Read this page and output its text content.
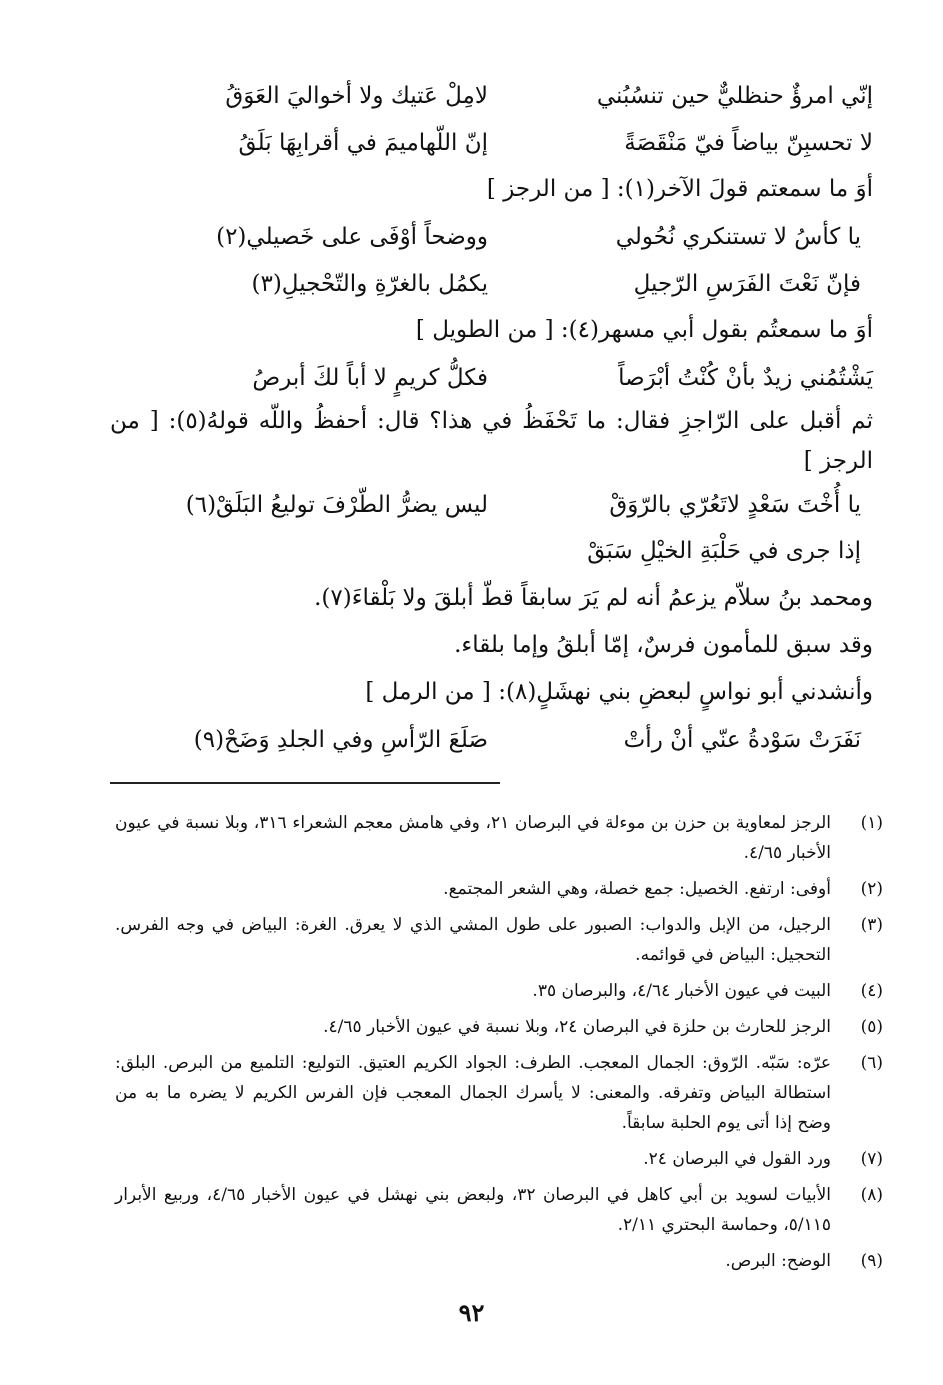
إنّي امرؤٌ حنظليٌّ حين تنسُبُني
لامِلْ عَتيك ولا أخواليَ العَوَقُ
لا تحسبِنّ بياضاً فيّ مَنْقَصَةً
إنّ اللّهاميمَ في أقرابِهَا بَلَقُ
أوَ ما سمعتم قولَ الآخر(١): [ من الرجز ]
يا كأسُ لا تستنكري نُحُولي
ووضحاً أوْفَى على خَصيلي(٢)
فإنّ نَعْتَ الفَرَسِ الرّجيلِ
يكمُل بالغرّةِ والتّحْجيلِ(٣)
أوَ ما سمعتُم بقول أبي مسهر(٤): [ من الطويل ]
يَشْتُمُني زيدٌ بأنْ كُنْتُ أبْرَصاً
فكلُّ كريمٍ لا أباً لكَ أبرصُ
ثم أقبل على الرّاجزِ فقال: ما تَحْفَظُ في هذا؟ قال: أحفظُ واللّه قولهُ(٥): [ من الرجز ]
يا أُخْتَ سَعْدٍ لاتَعُرّي بالرّوَقْ
ليس يضرُّ الطّرْفَ توليعُ البَلَقْ(٦)
إذا جرى في حَلْبَةِ الخيْلِ سَبَقْ
ومحمد بنُ سلاّم يزعمُ أنه لم يَرَ سابقاً قطّ أبلقَ ولا بَلْقاءَ(٧).
وقد سبق للمأمون فرسٌ، إمّا أبلقُ وإما بلقاء.
وأنشدني أبو نواسٍ لبعضِ بني نهشَلٍ(٨): [ من الرمل ]
نَفَرَتْ سَوْدةُ عنّي أنْ رأتْ
صَلَعَ الرّأسِ وفي الجلدِ وَضَحْ(٩)
(١)
الرجز لمعاوية بن حزن بن موءلة في البرصان ٢١، وفي هامش معجم الشعراء ٣١٦، وبلا نسبة في عيون الأخبار ٤/٦٥.
(٢)
أوفى: ارتفع. الخصيل: جمع خصلة، وهي الشعر المجتمع.
(٣)
الرجيل، من الإبل والدواب: الصبور على طول المشي الذي لا يعرق. الغرة: البياض في وجه الفرس. التحجيل: البياض في قوائمه.
(٤)
البيت في عيون الأخبار ٤/٦٤، والبرصان ٣٥.
(٥)
الرجز للحارث بن حلزة في البرصان ٢٤، وبلا نسبة في عيون الأخبار ٤/٦٥.
(٦)
عرّه: سَبّه. الرّوق: الجمال المعجب. الطرف: الجواد الكريم العتيق. التوليع: التلميع من البرص. البلق: استطالة البياض وتفرقه. والمعنى: لا يأسرك الجمال المعجب فإن الفرس الكريم لا يضره ما به من وضح إذا أتى يوم الحلبة سابقاً.
(٧)
ورد القول في البرصان ٢٤.
(٨)
الأبيات لسويد بن أبي كاهل في البرصان ٣٢، ولبعض بني نهشل في عيون الأخبار ٤/٦٥، وربيع الأبرار ٥/١١٥، وحماسة البحتري ٢/١١.
(٩)
الوضح: البرص.
٩٢
